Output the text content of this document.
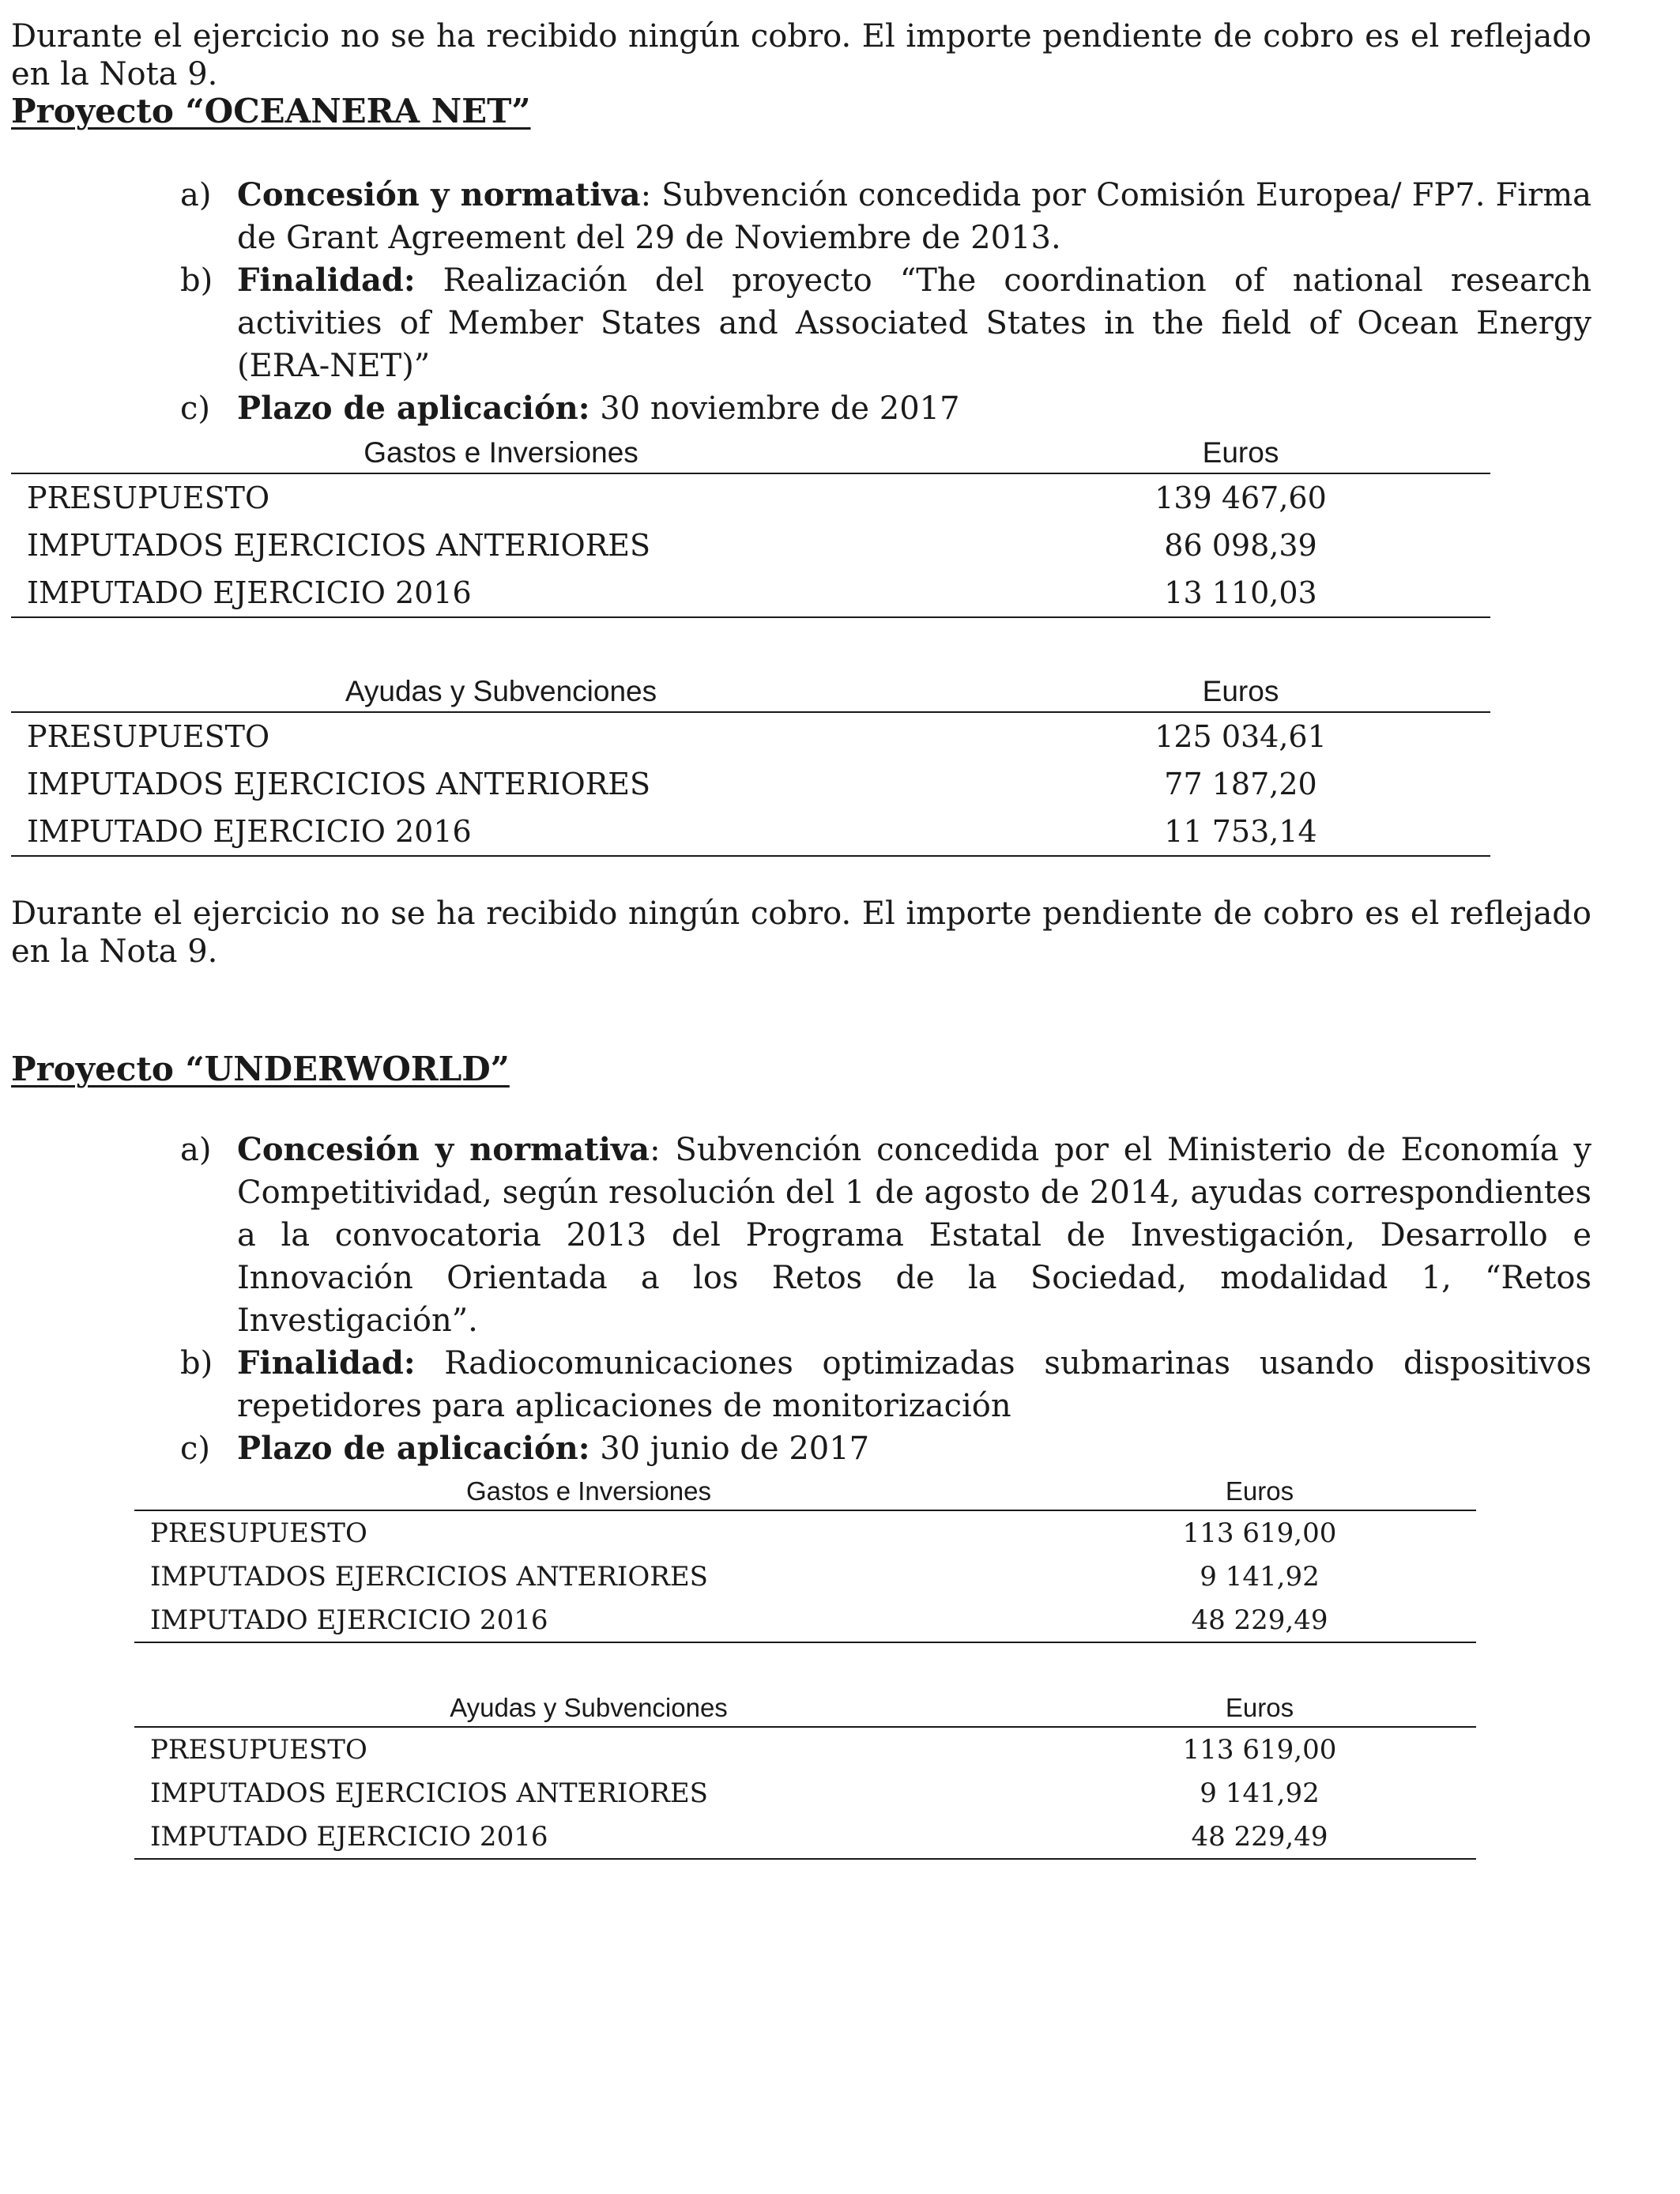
Durante el ejercicio no se ha recibido ningún cobro. El importe pendiente de cobro es el reflejado en la Nota 9.
Proyecto “OCEANERA NET”
a) Concesión y normativa: Subvención concedida por Comisión Europea/ FP7. Firma de Grant Agreement del 29 de Noviembre de 2013.
b) Finalidad: Realización del proyecto “The coordination of national research activities of Member States and Associated States in the field of Ocean Energy (ERA-NET)”
c) Plazo de aplicación: 30 noviembre de 2017
Gastos e Inversiones	Euros
PRESUPUESTO	139 467,60
IMPUTADOS EJERCICIOS ANTERIORES	86 098,39
IMPUTADO EJERCICIO 2016	13 110,03
Ayudas y Subvenciones	Euros
PRESUPUESTO	125 034,61
IMPUTADOS EJERCICIOS ANTERIORES	77 187,20
IMPUTADO EJERCICIO 2016	11 753,14
Durante el ejercicio no se ha recibido ningún cobro. El importe pendiente de cobro es el reflejado en la Nota 9.
Proyecto “UNDERWORLD”
a) Concesión y normativa: Subvención concedida por el Ministerio de Economía y Competitividad, según resolución del 1 de agosto de 2014, ayudas correspondientes a la convocatoria 2013 del Programa Estatal de Investigación, Desarrollo e Innovación Orientada a los Retos de la Sociedad, modalidad 1, “Retos Investigación”.
b) Finalidad: Radiocomunicaciones optimizadas submarinas usando dispositivos repetidores para aplicaciones de monitorización
c) Plazo de aplicación: 30 junio de 2017
Gastos e Inversiones	Euros
PRESUPUESTO	113 619,00
IMPUTADOS EJERCICIOS ANTERIORES	9 141,92
IMPUTADO EJERCICIO 2016	48 229,49
Ayudas y Subvenciones	Euros
PRESUPUESTO	113 619,00
IMPUTADOS EJERCICIOS ANTERIORES	9 141,92
IMPUTADO EJERCICIO 2016	48 229,49
